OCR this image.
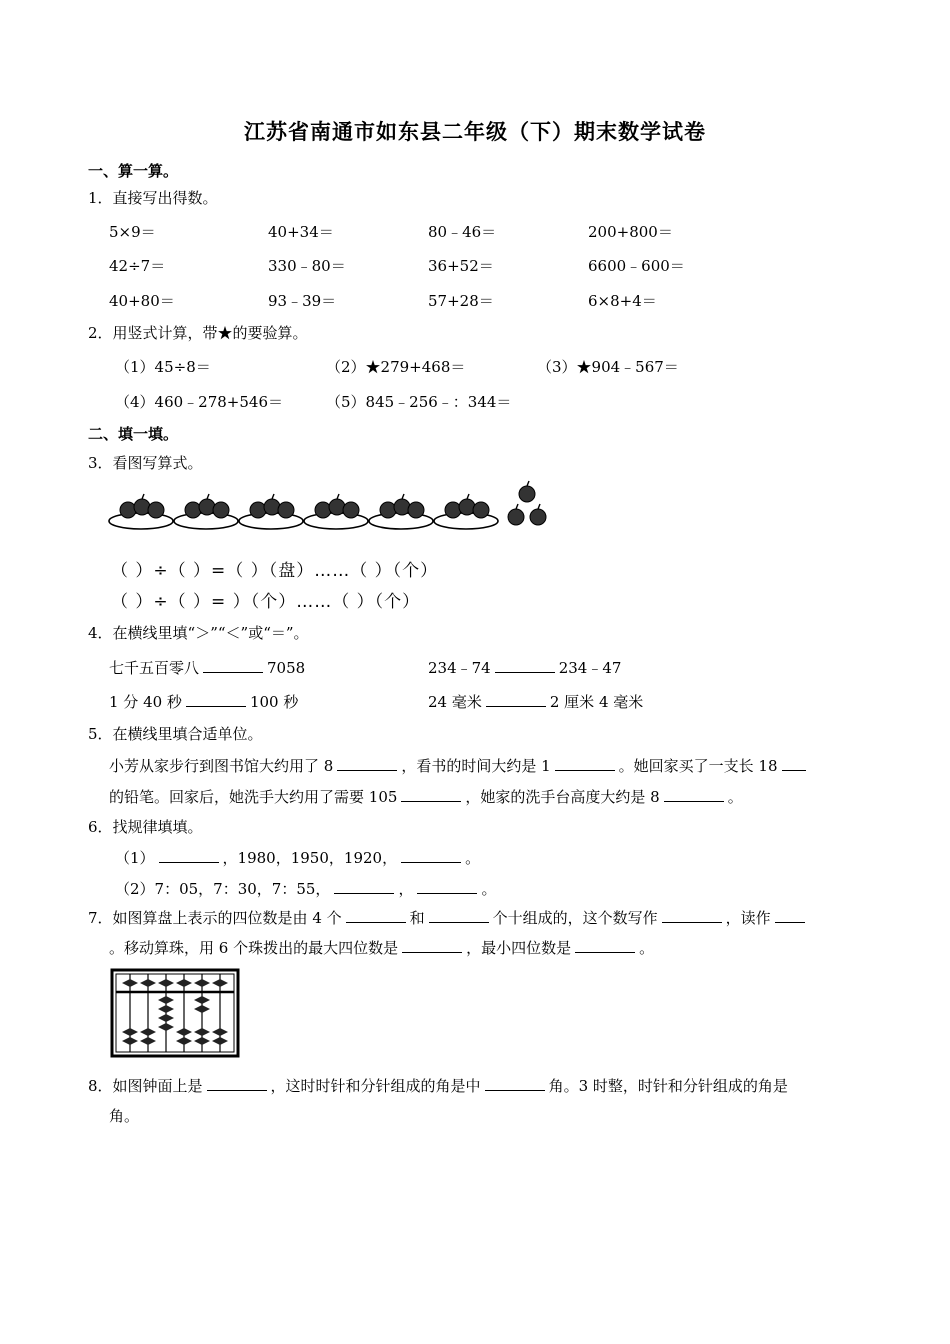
江苏省南通市如东县二年级（下）期末数学试卷
一、算一算。
1．直接写出得数。
5×9＝	40+34＝	80﹣46＝	200+800＝
42÷7＝	330﹣80＝	36+52＝	6600﹣600＝
40+80＝	93﹣39＝	57+28＝	6×8+4＝
2．用竖式计算，带★的要验算。
（1）45÷8＝	（2）★279+468＝	（3）★904﹣567＝
（4）460﹣278+546＝	（5）845﹣256﹣：344＝
二、填一填。
3．看图写算式。
（ ）÷（ ）=（ ）（盘）……（ ）（个）
（ ）÷（ ）= ）（个）……（ ）（个）
4．在横线里填“＞”“＜”或“＝”。
七千五百零八	7058	234﹣74	234﹣47
1 分 40 秒	100 秒	24 毫米	2 厘米 4 毫米
5．在横线里填合适单位。
小芳从家步行到图书馆大约用了 8	，看书的时间大约是 1	。她回家买了一支长 18
的铅笔。回家后，她洗手大约用了需要 105	，她家的洗手台高度大约是 8	。
6．找规律填填。
（1）	，1980，1950，1920，	。
（2）7：05，7：30，7：55，	，	。
7．如图算盘上表示的四位数是由 4 个	和	个十组成的，这个数写作	，读作
。移动算珠，用 6 个珠拨出的最大四位数是	，最小四位数是	。
8．如图钟面上是	，这时时针和分针组成的角是中	角。3 时整，时针和分针组成的角是
角。
